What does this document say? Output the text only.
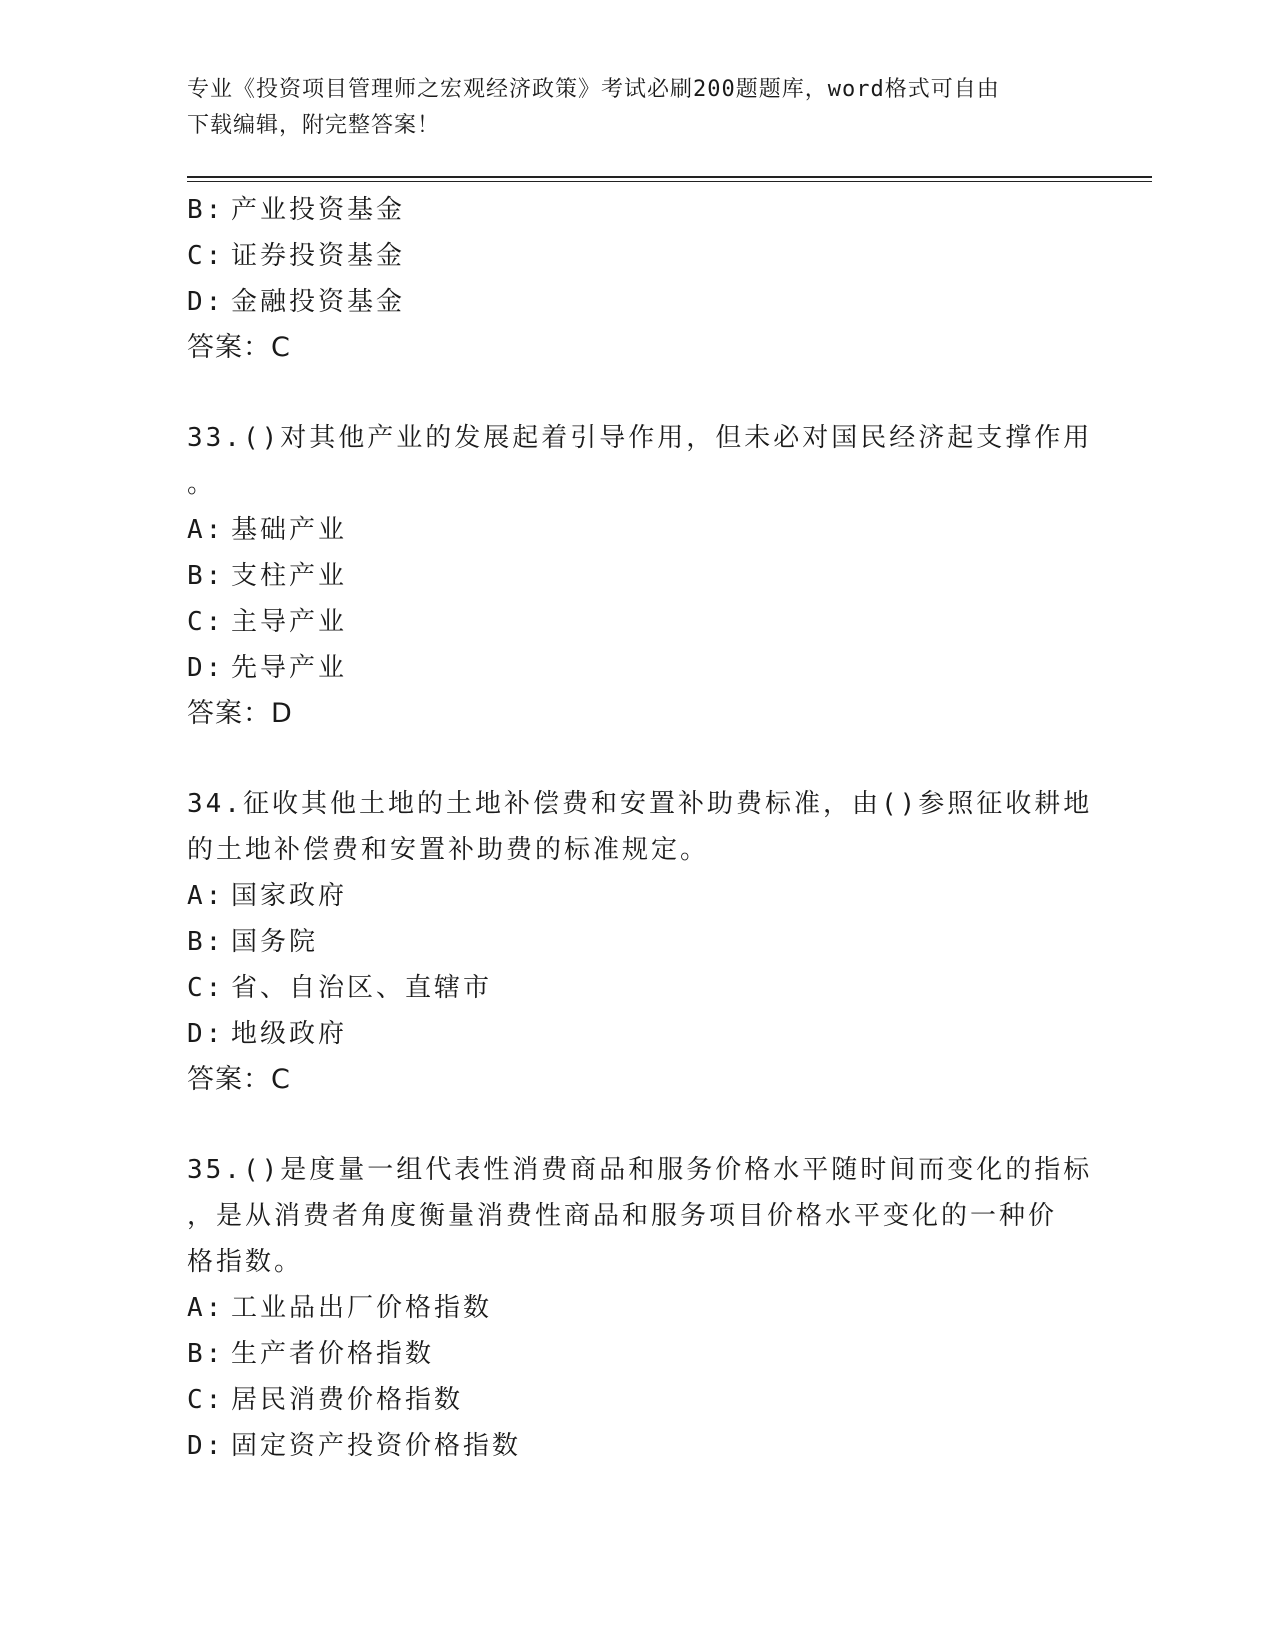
专业《投资项目管理师之宏观经济政策》考试必刷200题题库，word格式可自由
下载编辑，附完整答案！
B: 产业投资基金
C: 证券投资基金
D: 金融投资基金
答案：C
33.()对其他产业的发展起着引导作用，但未必对国民经济起支撑作用
。
A: 基础产业
B: 支柱产业
C: 主导产业
D: 先导产业
答案：D
34.征收其他土地的土地补偿费和安置补助费标准，由()参照征收耕地
的土地补偿费和安置补助费的标准规定。
A: 国家政府
B: 国务院
C: 省、自治区、直辖市
D: 地级政府
答案：C
35.()是度量一组代表性消费商品和服务价格水平随时间而变化的指标
，是从消费者角度衡量消费性商品和服务项目价格水平变化的一种价
格指数。
A: 工业品出厂价格指数
B: 生产者价格指数
C: 居民消费价格指数
D: 固定资产投资价格指数
